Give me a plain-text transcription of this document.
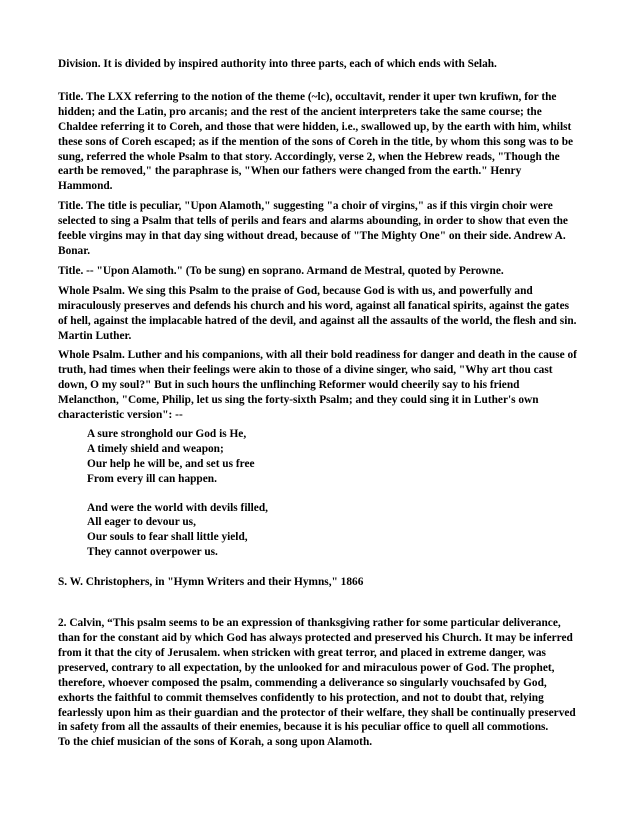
Division. It is divided by inspired authority into three parts, each of which ends with Selah.

Title. The LXX referring to the notion of the theme (~lc), occultavit, render it uper twn krufiwn, for the hidden; and the Latin, pro arcanis; and the rest of the ancient interpreters take the same course; the Chaldee referring it to Coreh, and those that were hidden, i.e., swallowed up, by the earth with him, whilst these sons of Coreh escaped; as if the mention of the sons of Coreh in the title, by whom this song was to be sung, referred the whole Psalm to that story. Accordingly, verse 2, when the Hebrew reads, "Though the earth be removed," the paraphrase is, "When our fathers were changed from the earth." Henry Hammond.

Title. The title is peculiar, "Upon Alamoth," suggesting "a choir of virgins," as if this virgin choir were selected to sing a Psalm that tells of perils and fears and alarms abounding, in order to show that even the feeble virgins may in that day sing without dread, because of "The Mighty One" on their side. Andrew A. Bonar.

Title. -- "Upon Alamoth." (To be sung) en soprano. Armand de Mestral, quoted by Perowne.

Whole Psalm. We sing this Psalm to the praise of God, because God is with us, and powerfully and miraculously preserves and defends his church and his word, against all fanatical spirits, against the gates of hell, against the implacable hatred of the devil, and against all the assaults of the world, the flesh and sin. Martin Luther.

Whole Psalm. Luther and his companions, with all their bold readiness for danger and death in the cause of truth, had times when their feelings were akin to those of a divine singer, who said, "Why art thou cast down, O my soul?" But in such hours the unflinching Reformer would cheerily say to his friend Melancthon, "Come, Philip, let us sing the forty-sixth Psalm; and they could sing it in Luther's own characteristic version": --

A sure stronghold our God is He,
A timely shield and weapon;
Our help he will be, and set us free
From every ill can happen.
And were the world with devils filled,
All eager to devour us,
Our souls to fear shall little yield,
They cannot overpower us.

S. W. Christophers, in "Hymn Writers and their Hymns," 1866

2. Calvin, “This psalm seems to be an expression of thanksgiving rather for some particular deliverance, than for the constant aid by which God has always protected and preserved his Church. It may be inferred from it that the city of Jerusalem. when stricken with great terror, and placed in extreme danger, was preserved, contrary to all expectation, by the unlooked for and miraculous power of God. The prophet, therefore, whoever composed the psalm, commending a deliverance so singularly vouchsafed by God, exhorts the faithful to commit themselves confidently to his protection, and not to doubt that, relying fearlessly upon him as their guardian and the protector of their welfare, they shall be continually preserved in safety from all the assaults of their enemies, because it is his peculiar office to quell all commotions.

To the chief musician of the sons of Korah, a song upon Alamoth.
